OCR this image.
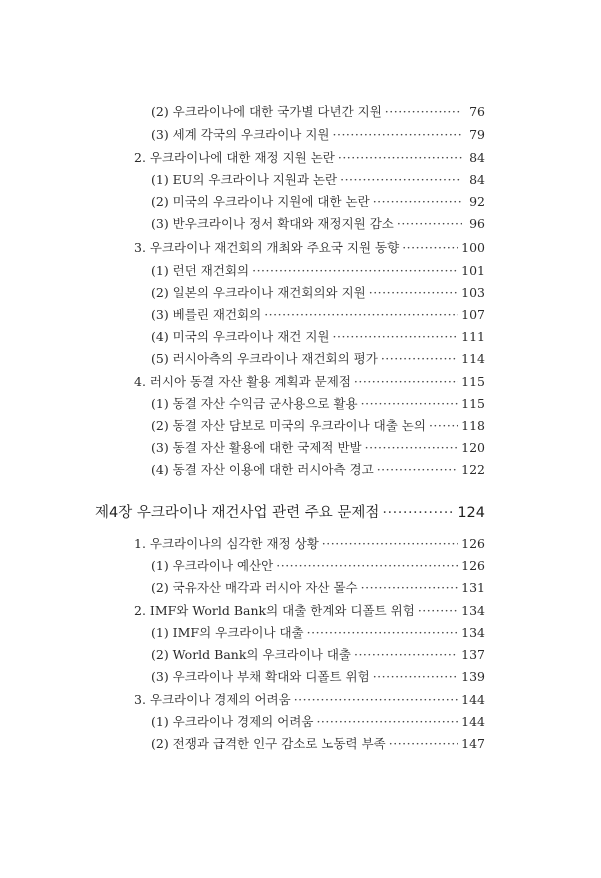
(2) 우크라이나에 대한 국가별 다년간 지원 ·····	76
(3) 세계 각국의 우크라이나 지원 ·····	79
2. 우크라이나에 대한 재정 지원 논란 ·····	84
(1) EU의 우크라이나 지원과 논란 ·····	84
(2) 미국의 우크라이나 지원에 대한 논란 ·····	92
(3) 반우크라이나 정서 확대와 재정지원 감소 ·····	96
3. 우크라이나 재건회의 개최와 주요국 지원 동향 ·····	100
(1) 런던 재건회의 ·····	101
(2) 일본의 우크라이나 재건회의와 지원 ·····	103
(3) 베를린 재건회의 ·····	107
(4) 미국의 우크라이나 재건 지원 ·····	111
(5) 러시아측의 우크라이나 재건회의 평가 ·····	114
4. 러시아 동결 자산 활용 계획과 문제점 ·····	115
(1) 동결 자산 수익금 군사용으로 활용 ·····	115
(2) 동결 자산 담보로 미국의 우크라이나 대출 논의 ·····	118
(3) 동결 자산 활용에 대한 국제적 반발 ·····	120
(4) 동결 자산 이용에 대한 러시아측 경고 ·····	122
제4장 우크라이나 재건사업 관련 주요 문제점 ·····	124
1. 우크라이나의 심각한 재정 상황 ·····	126
(1) 우크라이나 예산안 ·····	126
(2) 국유자산 매각과 러시아 자산 몰수 ·····	131
2. IMF와 World Bank의 대출 한계와 디폴트 위험 ·····	134
(1) IMF의 우크라이나 대출 ·····	134
(2) World Bank의 우크라이나 대출 ·····	137
(3) 우크라이나 부채 확대와 디폴트 위험 ·····	139
3. 우크라이나 경제의 어려움 ·····	144
(1) 우크라이나 경제의 어려움 ·····	144
(2) 전쟁과 급격한 인구 감소로 노동력 부족 ·····	147
